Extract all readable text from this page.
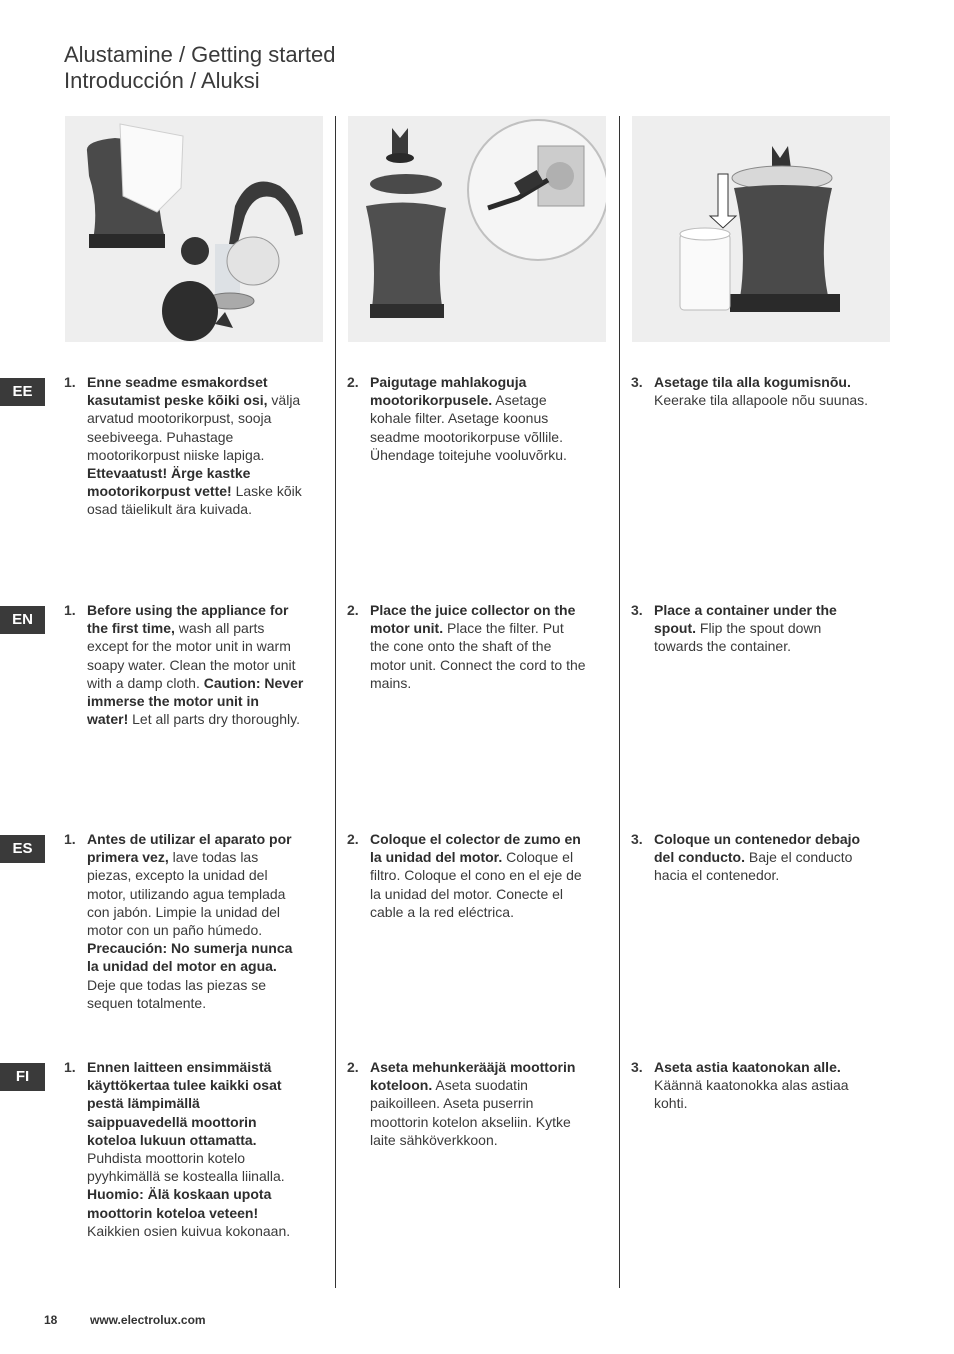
Alustamine / Getting started
Introducción / Aluksi
EE
EN
ES
FI
1. Enne seadme esmakordset kasutamist peske kõiki osi, välja arvatud mootorikorpust, sooja seebiveega. Puhastage mootorikorpust niiske lapiga. Ettevaatust! Ärge kastke mootorikorpust vette! Laske kõik osad täielikult ära kuivada.
2. Paigutage mahlakoguja mootorikorpusele. Asetage kohale filter. Asetage koonus seadme mootorikorpuse võllile. Ühendage toitejuhe vooluvõrku.
3. Asetage tila alla kogumisnõu. Keerake tila allapoole nõu suunas.
1. Before using the appliance for the first time, wash all parts except for the motor unit in warm soapy water. Clean the motor unit with a damp cloth. Caution: Never immerse the motor unit in water! Let all parts dry thoroughly.
2. Place the juice collector on the motor unit. Place the filter. Put the cone onto the shaft of the motor unit. Connect the cord to the mains.
3. Place a container under the spout. Flip the spout down towards the container.
1. Antes de utilizar el aparato por primera vez, lave todas las piezas, excepto la unidad del motor, utilizando agua templada con jabón. Limpie la unidad del motor con un paño húmedo. Precaución: No sumerja nunca la unidad del motor en agua. Deje que todas las piezas se sequen totalmente.
2. Coloque el colector de zumo en la unidad del motor. Coloque el filtro. Coloque el cono en el eje de la unidad del motor. Conecte el cable a la red eléctrica.
3. Coloque un contenedor debajo del conducto. Baje el conducto hacia el contenedor.
1. Ennen laitteen ensimmäistä käyttökertaa tulee kaikki osat pestä lämpimällä saippuavedellä moottorin koteloa lukuun ottamatta. Puhdista moottorin kotelo pyyhkimällä se kostealla liinalla. Huomio: Älä koskaan upota moottorin koteloa veteen! Kaikkien osien kuivua kokonaan.
2. Aseta mehunkerääjä moottorin koteloon. Aseta suodatin paikoilleen. Aseta puserrin moottorin kotelon akseliin. Kytke laite sähköverkkoon.
3. Aseta astia kaatonokan alle. Käännä kaatonokka alas astiaa kohti.
18	www.electrolux.com
